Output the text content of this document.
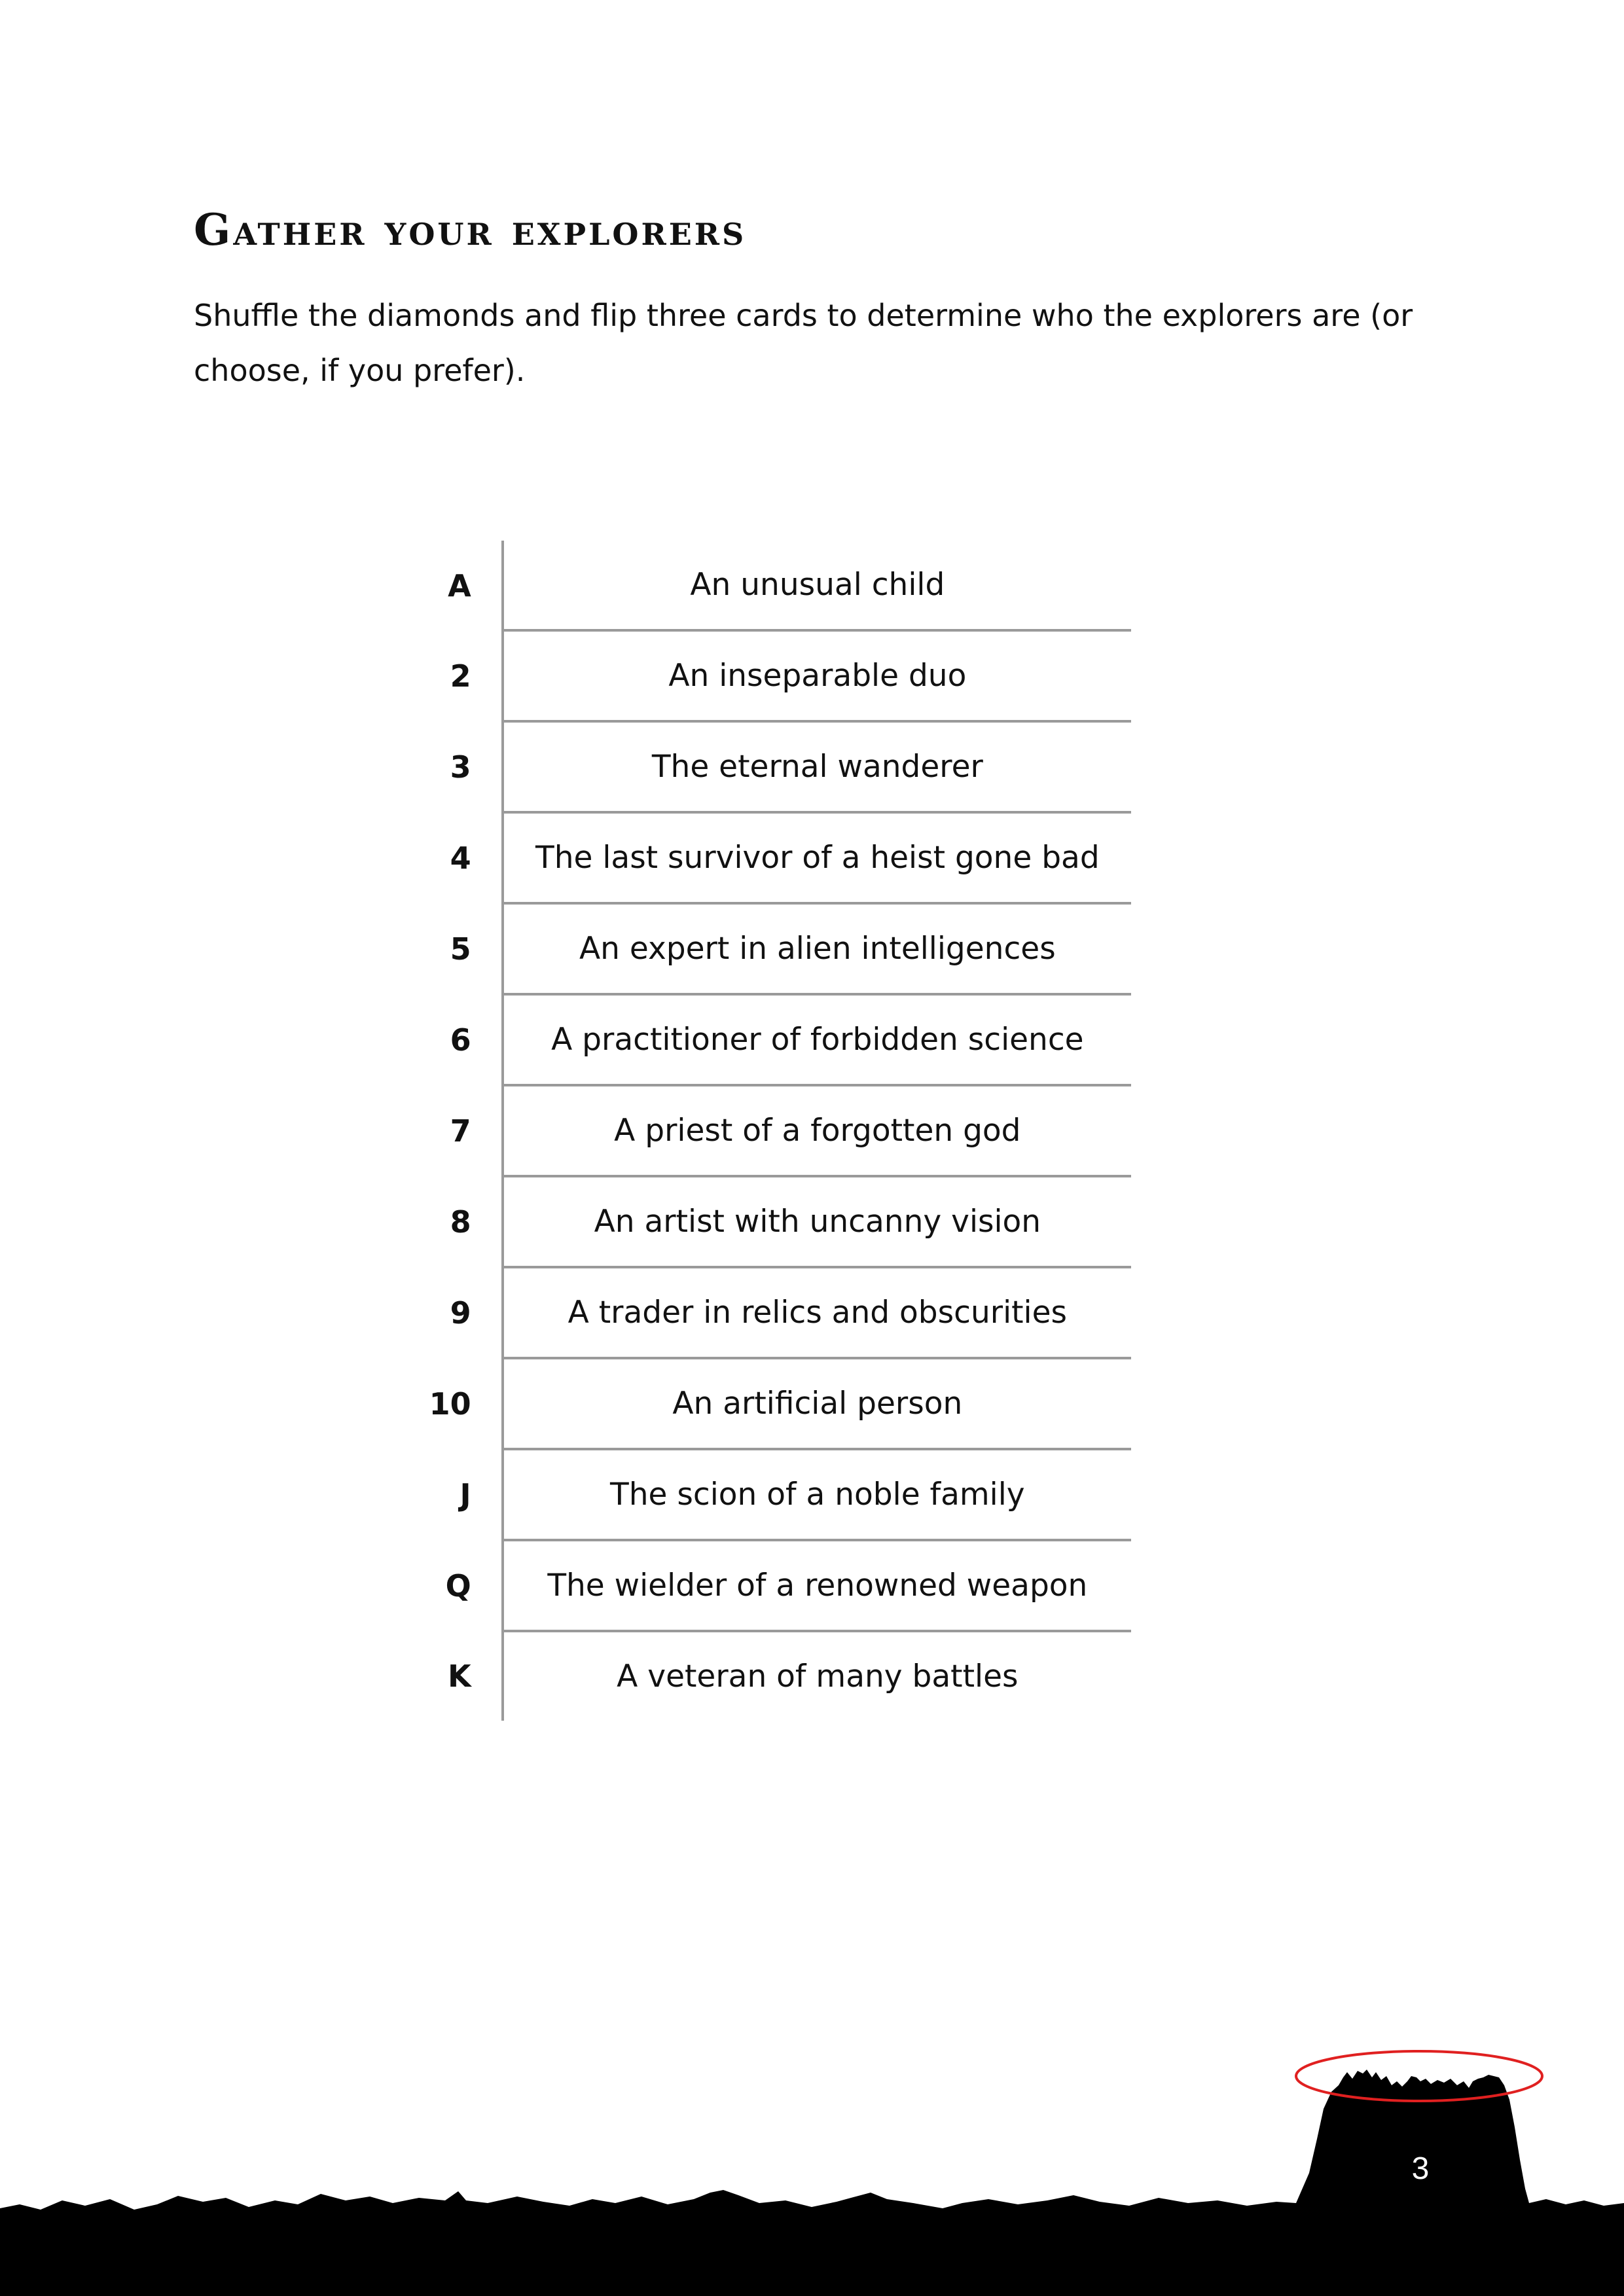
Gather your explorers

Shuffle the diamonds and flip three cards to determine who the explorers are (or choose, if you prefer).

A	An unusual child
2	An inseparable duo
3	The eternal wanderer
4	The last survivor of a heist gone bad
5	An expert in alien intelligences
6	A practitioner of forbidden science
7	A priest of a forgotten god
8	An artist with uncanny vision
9	A trader in relics and obscurities
10	An artificial person
J	The scion of a noble family
Q	The wielder of a renowned weapon
K	A veteran of many battles
3
